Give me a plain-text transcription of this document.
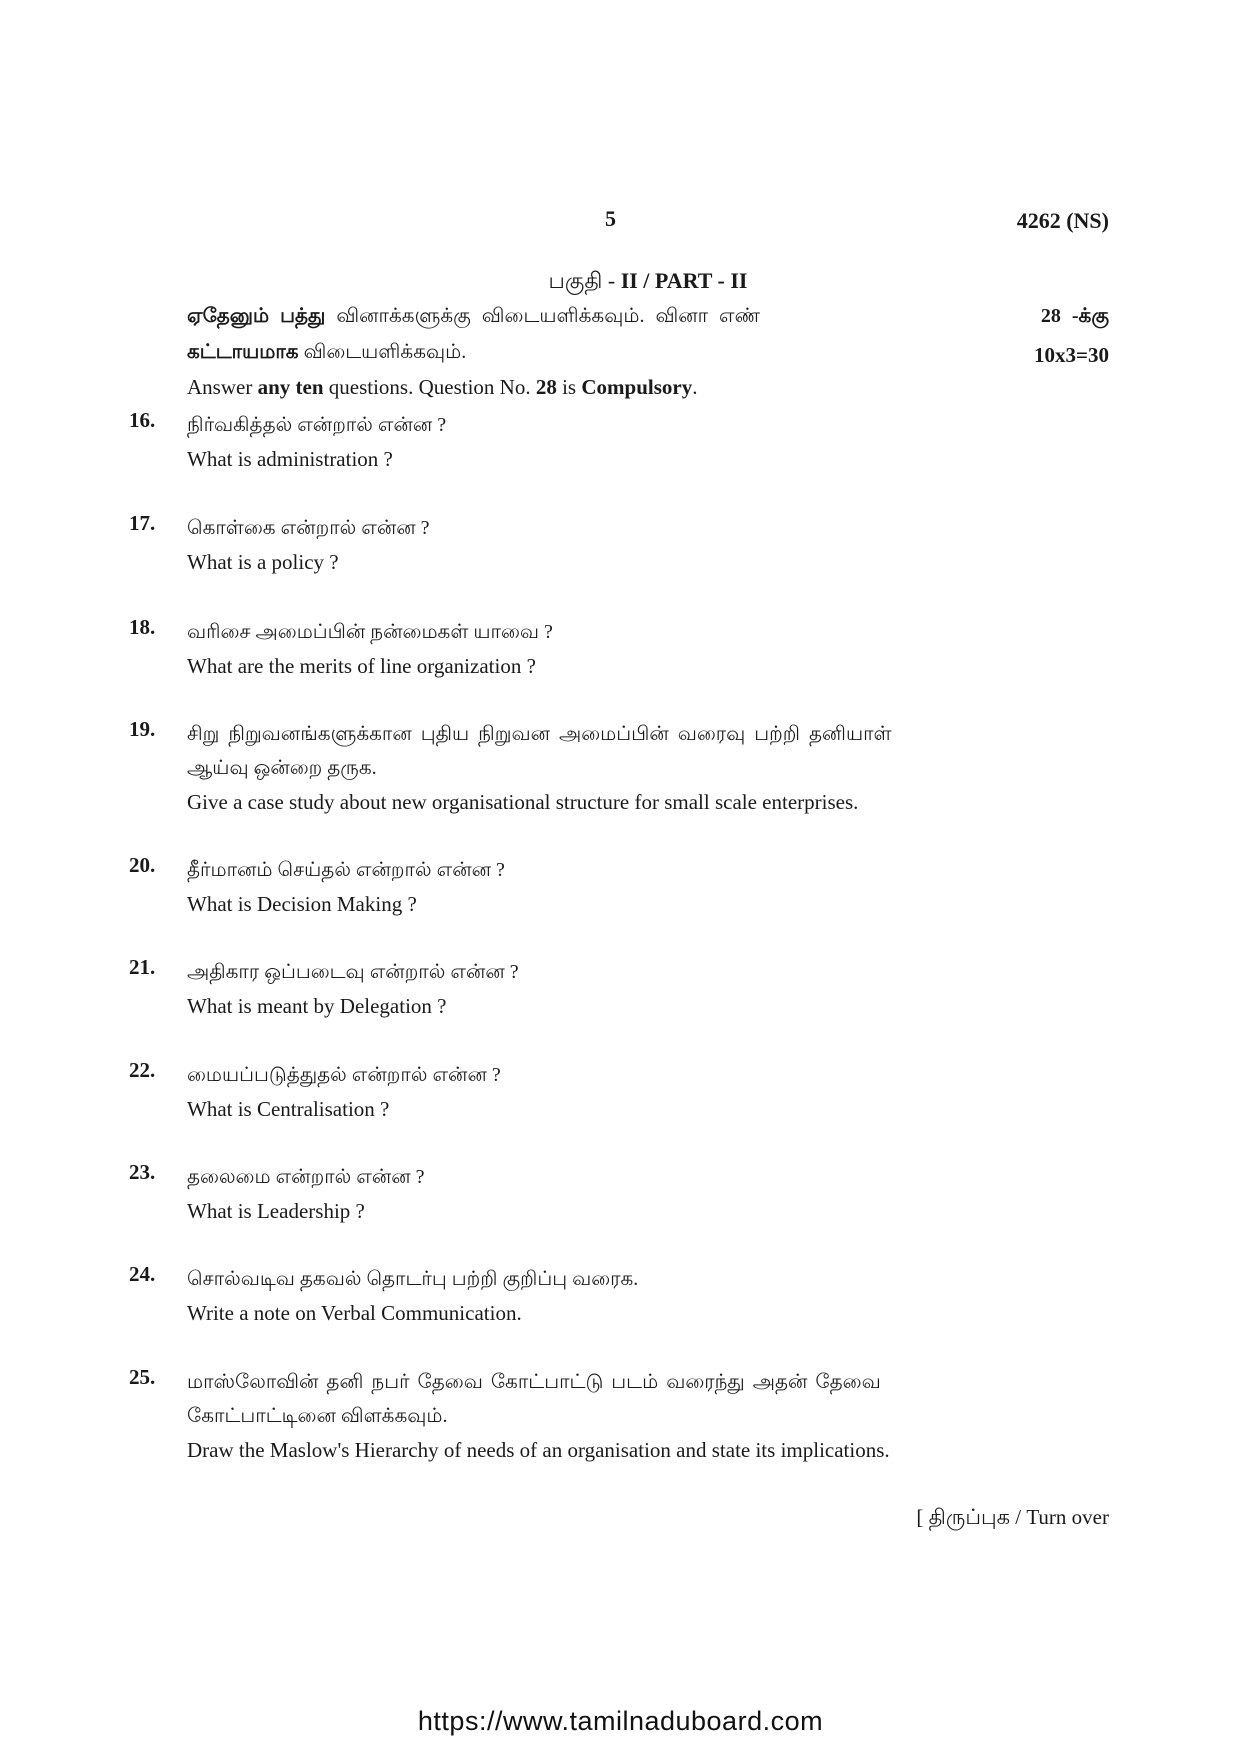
5	4262 (NS)
பகுதி - II / PART - II
ஏதேனும் பத்து வினாக்களுக்கு விடையளிக்கவும். வினா எண்	28 -க்கு
கட்டாயமாக விடையளிக்கவும்.	10x3=30
Answer any ten questions. Question No. 28 is Compulsory.
16.	நிர்வகித்தல் என்றால் என்ன ?
What is administration ?
17.	கொள்கை என்றால் என்ன ?
What is a policy ?
18.	வரிசை அமைப்பின் நன்மைகள் யாவை ?
What are the merits of line organization ?
19.	சிறு நிறுவனங்களுக்கான புதிய நிறுவன அமைப்பின் வரைவு பற்றி தனியாள்
ஆய்வு ஒன்றை தருக.
Give a case study about new organisational structure for small scale enterprises.
20.	தீர்மானம் செய்தல் என்றால் என்ன ?
What is Decision Making ?
21.	அதிகார ஒப்படைவு என்றால் என்ன ?
What is meant by Delegation ?
22.	மையப்படுத்துதல் என்றால் என்ன ?
What is Centralisation ?
23.	தலைமை என்றால் என்ன ?
What is Leadership ?
24.	சொல்வடிவ தகவல் தொடர்பு பற்றி குறிப்பு வரைக.
Write a note on Verbal Communication.
25.	மாஸ்லோவின் தனி நபர் தேவை கோட்பாட்டு படம் வரைந்து அதன் தேவை
கோட்பாட்டினை விளக்கவும்.
Draw the Maslow's Hierarchy of needs of an organisation and state its implications.
[ திருப்புக / Turn over
https://www.tamilnaduboard.com
